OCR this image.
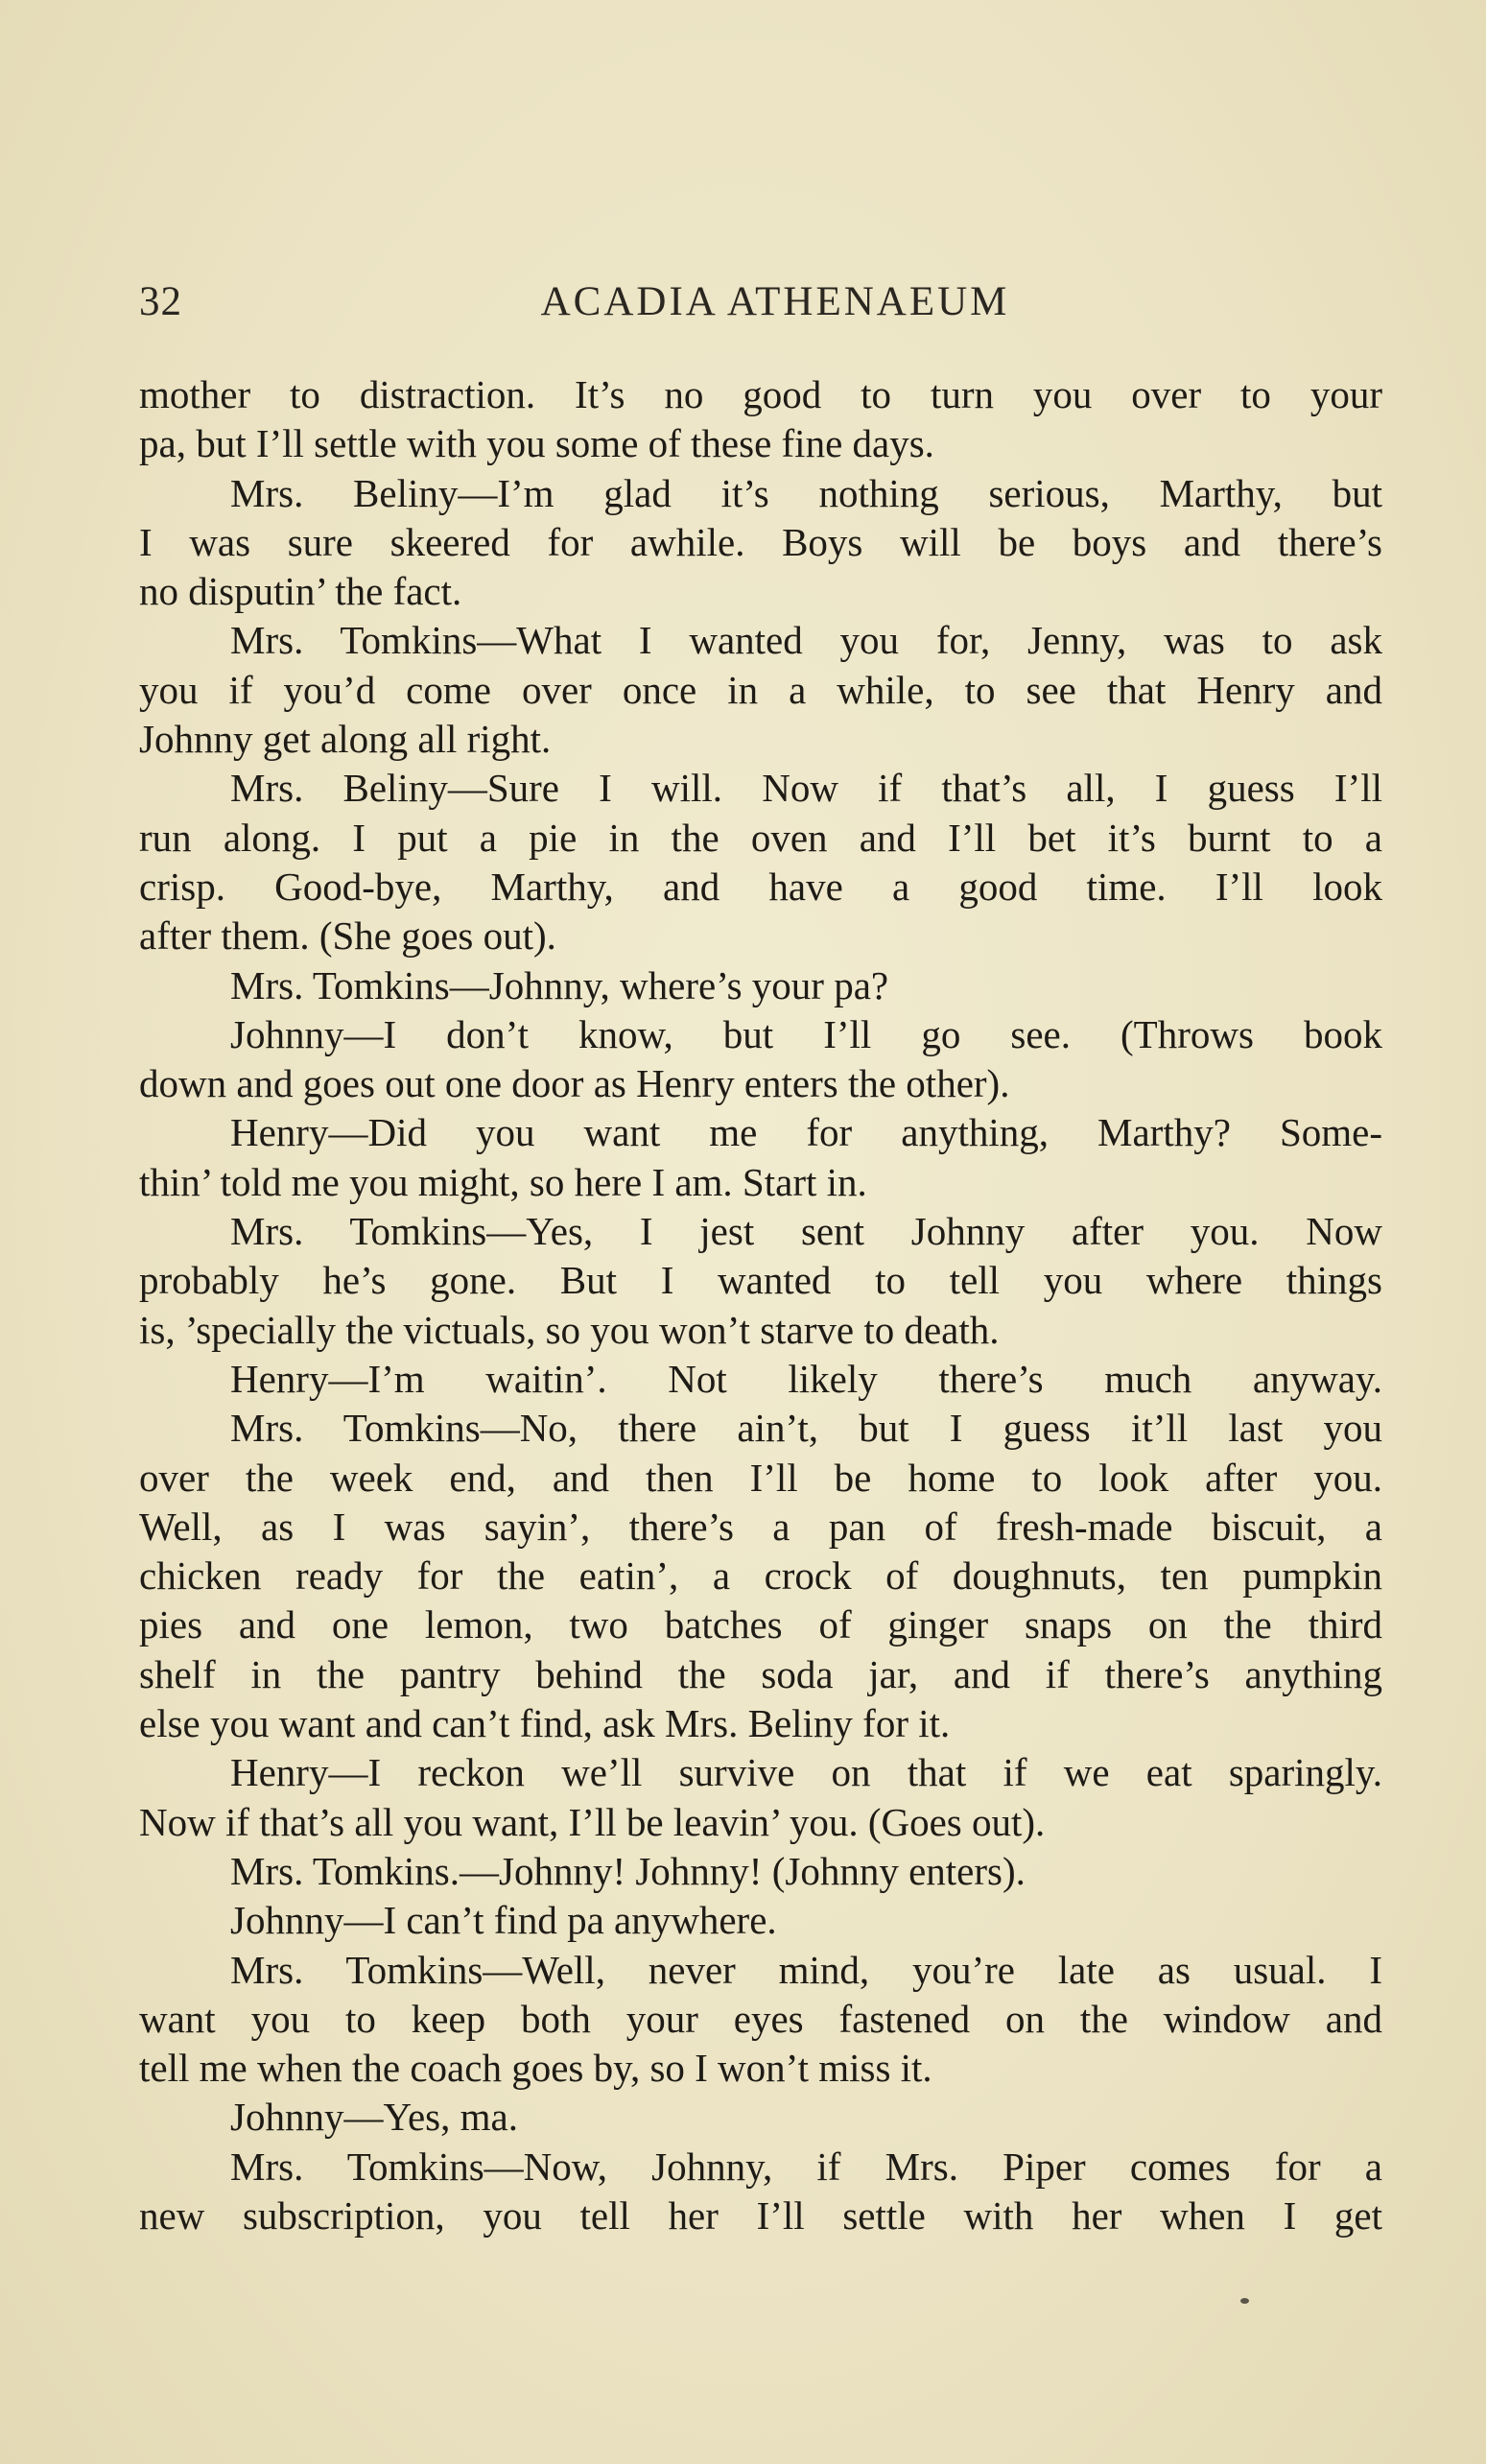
32	ACADIA ATHENAEUM
mother to distraction. It’s no good to turn you over to your
pa, but I’ll settle with you some of these fine days.
Mrs. Beliny—I’m glad it’s nothing serious, Marthy, but
I was sure skeered for awhile. Boys will be boys and there’s
no disputin’ the fact.
Mrs. Tomkins—What I wanted you for, Jenny, was to ask
you if you’d come over once in a while, to see that Henry and
Johnny get along all right.
Mrs. Beliny—Sure I will. Now if that’s all, I guess I’ll
run along. I put a pie in the oven and I’ll bet it’s burnt to a
crisp. Good-bye, Marthy, and have a good time. I’ll look
after them. (She goes out).
Mrs. Tomkins—Johnny, where’s your pa?
Johnny—I don’t know, but I’ll go see. (Throws book
down and goes out one door as Henry enters the other).
Henry—Did you want me for anything, Marthy? Some-
thin’ told me you might, so here I am. Start in.
Mrs. Tomkins—Yes, I jest sent Johnny after you. Now
probably he’s gone. But I wanted to tell you where things
is, ’specially the victuals, so you won’t starve to death.
Henry—I’m waitin’. Not likely there’s much anyway.
Mrs. Tomkins—No, there ain’t, but I guess it’ll last you
over the week end, and then I’ll be home to look after you.
Well, as I was sayin’, there’s a pan of fresh-made biscuit, a
chicken ready for the eatin’, a crock of doughnuts, ten pumpkin
pies and one lemon, two batches of ginger snaps on the third
shelf in the pantry behind the soda jar, and if there’s anything
else you want and can’t find, ask Mrs. Beliny for it.
Henry—I reckon we’ll survive on that if we eat sparingly.
Now if that’s all you want, I’ll be leavin’ you. (Goes out).
Mrs. Tomkins.—Johnny! Johnny! (Johnny enters).
Johnny—I can’t find pa anywhere.
Mrs. Tomkins—Well, never mind, you’re late as usual. I
want you to keep both your eyes fastened on the window and
tell me when the coach goes by, so I won’t miss it.
Johnny—Yes, ma.
Mrs. Tomkins—Now, Johnny, if Mrs. Piper comes for a
new subscription, you tell her I’ll settle with her when I get
